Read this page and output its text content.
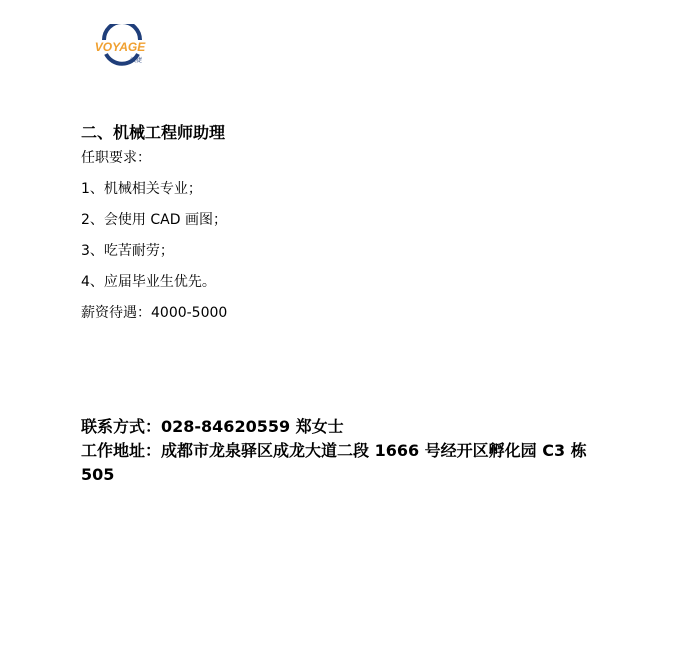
VOYAGE
沃捷
二、机械工程师助理
任职要求：
1、机械相关专业；
2、会使用 CAD 画图；
3、吃苦耐劳；
4、应届毕业生优先。
薪资待遇：4000-5000

联系方式：028-84620559 郑女士

工作地址：成都市龙泉驿区成龙大道二段 1666 号经开区孵化园 C3 栋 505
